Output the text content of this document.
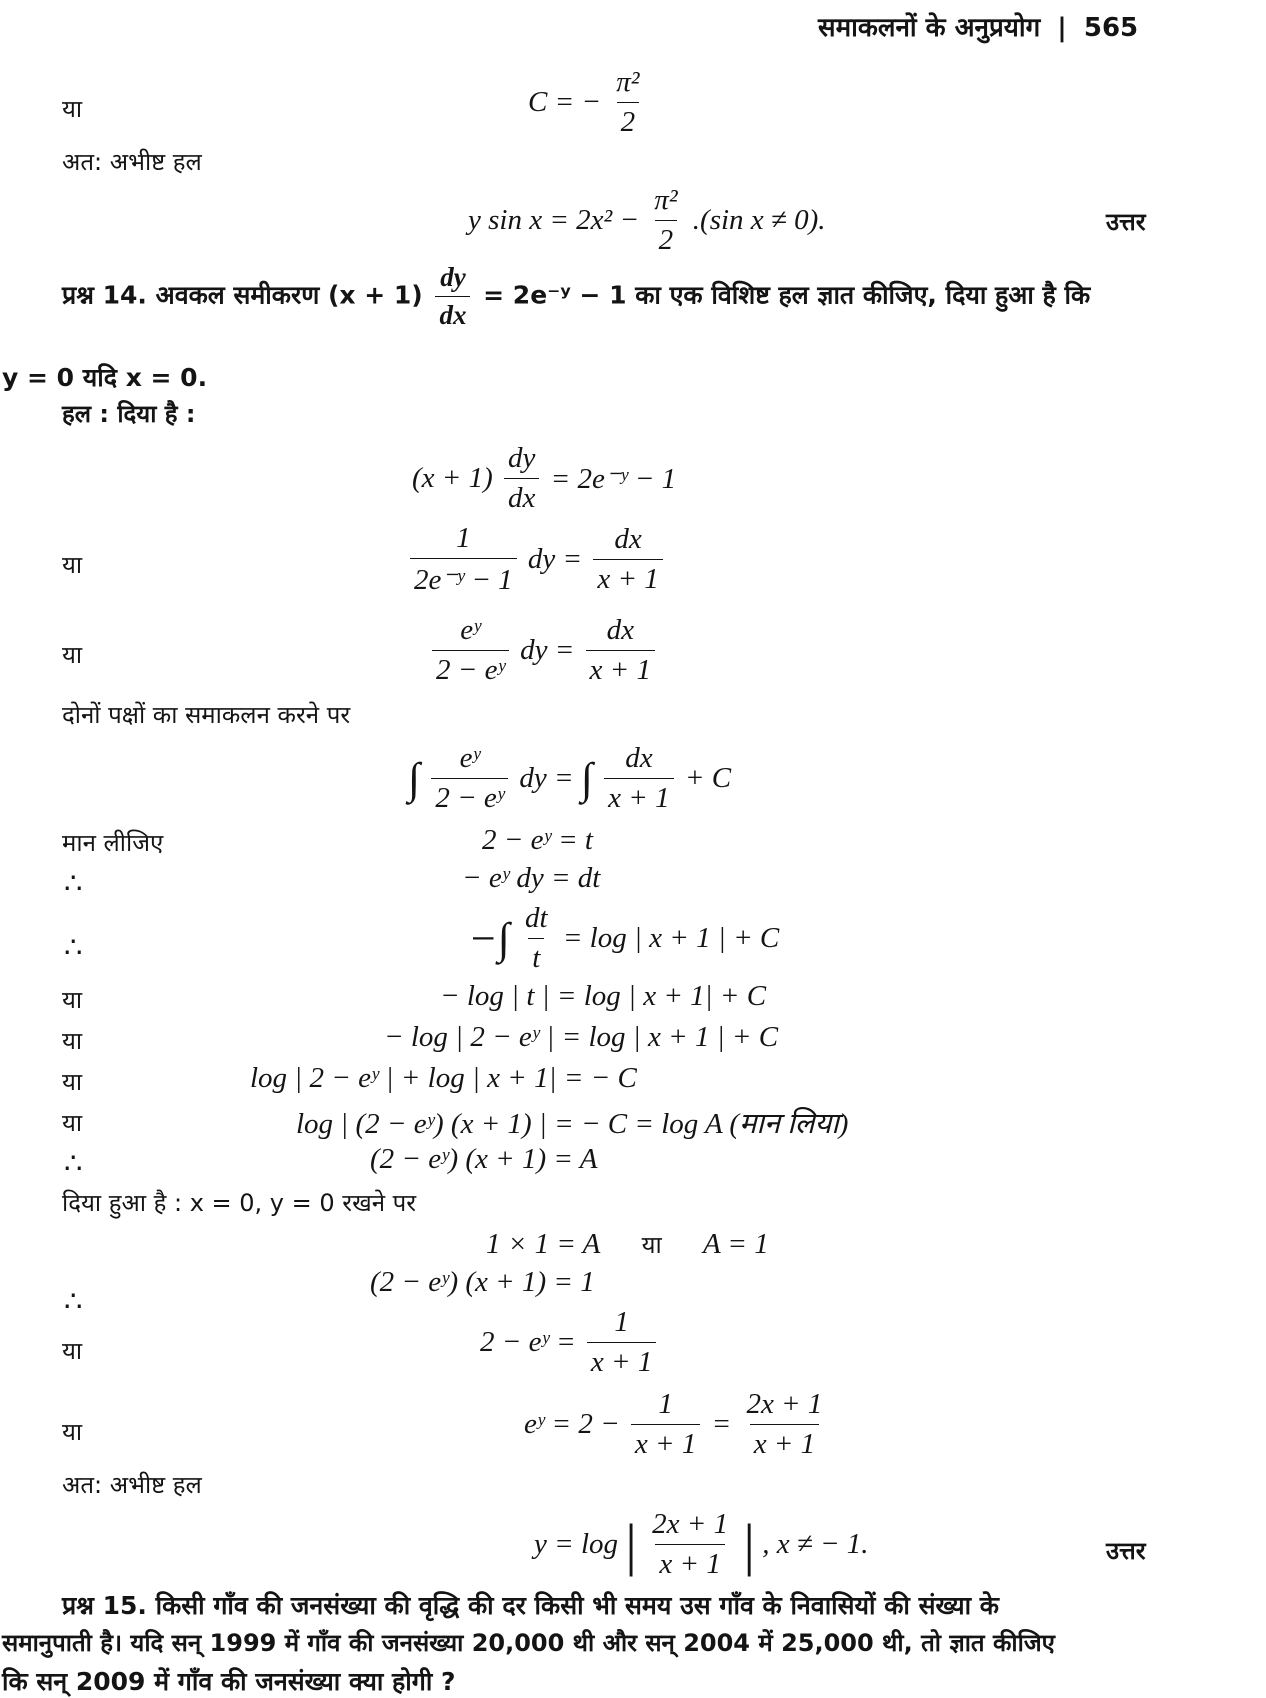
समाकलनों के अनुप्रयोग | 565
या	C = − $\frac{\text{π²}}{2}$
अत: अभीष्ट हल
y $\sin x = 2x^2 - \frac{\text{π²}}{2} .(\sin$ x ≠ 0).	उत्तर
प्रश्न 14. अवकल समीकरण $(x + 1) \frac{dy}{dx}$ = 2e⁻ʸ − 1 का एक विशिष्ट हल ज्ञात कीजिए, दिया हुआ है कि
y = 0 यदि x = 0.
हल : दिया है :
$(x + 1) \frac{dy}{dx}$ = 2e⁻ʸ − 1
या	$\frac{1}{\text{2e⁻ʸ − 1}}$ dy = $\frac{dx}{x + 1}$
या	$\frac{\text{eʸ}}{\text{2 − eʸ}}$ dy = $\frac{dx}{x + 1}$
दोनों पक्षों का समाकलन करने पर
∫ $\frac{\text{eʸ}}{\text{2 − eʸ}}$ dy = ∫ $\frac{dx}{x + 1} + C$
मान लीजिए	2 − eʸ = t
∴	− eʸ dy = dt
∴	−∫ $\frac{dt}{t} = \log$ | x + 1 | + C
या	− log | t | = log | x + 1| + C
या	− log | 2 − eʸ | = log | x + 1 | + C
या	log | 2 − eʸ | + log | x + 1| = − C
या	log | (2 − eʸ) (x + 1) | = − C = log A (मान लिया)
∴	(2 − eʸ) (x + 1) = A
दिया हुआ है : x = 0, y = 0 रखने पर
1 × 1 = A या A = 1
∴
(2 − eʸ) (x + 1) = 1
या	2 − eʸ = $\frac{1}{x + 1}$
या	eʸ = $2 - \frac{1}{x + 1} = \frac{2x + 1}{x + 1}$
अत: अभीष्ट हल
y = log | $\frac{2x + 1}{x + 1}$ | , x ≠ − 1.	उत्तर
प्रश्न 15. किसी गाँव की जनसंख्या की वृद्धि की दर किसी भी समय उस गाँव के निवासियों की संख्या के
समानुपाती है। यदि सन् 1999 में गाँव की जनसंख्या 20,000 थी और सन् 2004 में 25,000 थी, तो ज्ञात कीजिए
कि सन् 2009 में गाँव की जनसंख्या क्या होगी ?
